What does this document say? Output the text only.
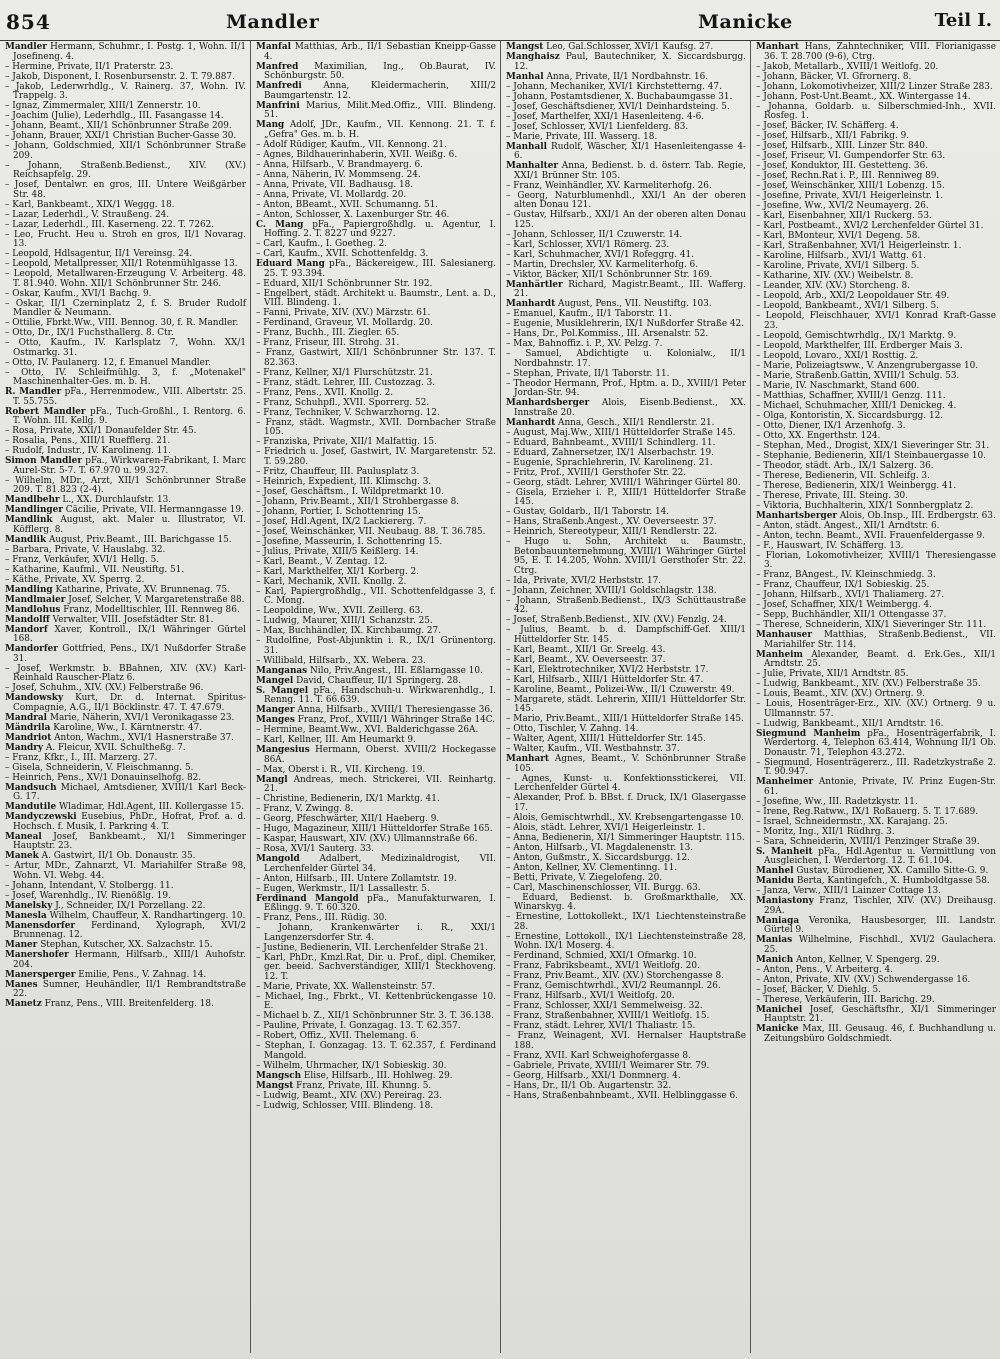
854	Mandler	Manicke	Teil I.
Mandler Hermann, Schuhmr., I. Postg. 1, Wohn. II/1 Josefineng. 4.
– Hermine, Private, II/1 Praterstr. 23.
– Jakob, Disponent, I. Rosenbursenstr. 2. T. 79.887.
– Jakob, Lederwrhdlg., V. Rainerg. 37, Wohn. IV. Trappelg. 3.
– Ignaz, Zimmermaler, XIII/1 Zennerstr. 10.
– Joachim (Julie), Lederhdlg., III. Fasangasse 14.
– Johann, Beamt., XII/1 Schönbrunner Straße 209.
– Johann, Brauer, XXI/1 Christian Bucher-Gasse 30.
– Johann, Goldschmied, XII/1 Schönbrunner Straße 209.
– Johann, Straßenb.Bedienst., XIV. (XV.) Reichsapfelg. 29.
– Josef, Dentalwr. en gros, III. Untere Weißgärber Str. 48.
– Karl, Bankbeamt., XIX/1 Weggg. 18.
– Lazar, Lederhdl., V. Straußeng. 24.
– Lazar, Lederhdl., III. Kaserneng. 22. T. 7262.
– Leo, Frucht. Heu u. Stroh en gros, II/1 Novarag. 13.
– Leopold, Hdlsagentur, II/1 Vereinsg. 24.
– Leopold, Metallpresser, XII/1 Rotenmühlgasse 13.
– Leopold, Metallwaren-Erzeugung V. Arbeiterg. 48. T. 81.940. Wohn. XII/1 Schönbrunner Str. 246.
– Oskar, Kaufm., XVI/1 Bachg. 9.
– Oskar, II/1 Czerninplatz 2, f. S. Bruder Rudolf Mandler & Neumann.
– Ottilie, Fbrkt.Ww., VIII. Bennog. 30, f. R. Mandler.
– Otto, Dr., IX/1 Fuchsthallerg. 8. Ctr.
– Otto, Kaufm., IV. Karlsplatz 7, Wohn. XX/1 Ostmarkg. 31.
– Otto, IV. Paulanerg. 12, f. Emanuel Mandler.
– Otto, IV. Schleifmühlg. 3, f. „Motenakel" Maschinenhalter-Ges. m. b. H.
R. Mandler pFa., Herrenmodew., VIII. Albertstr. 25. T. 55.755.
Robert Mandler pFa., Tuch-Großhl., I. Rentorg. 6. T. Wohn. III. Kellg. 9.
– Rosa, Private, XXI/1 Donaufelder Str. 45.
– Rosalia, Pens., XIII/1 Ruefflerg. 21.
– Rudolf, Industr., IV. Karolineng. 11.
Simon Mandler pFa., Wirkwaren-Fabrikant, I. Marc Aurel-Str. 5-7. T. 67.970 u. 99.327.
– Wilhelm, MDr., Arzt, XII/1 Schönbrunner Straße 209. T. 81.823 (2-4).
Mandlbehr L., XX. Durchlaufstr. 13.
Mandlinger Cäcilie, Private, VII. Hermanngasse 19.
Mandlink August, akt. Maler u. Illustrator, VI. Köfflerg. 8.
Mandlik August, Priv.Beamt., III. Barichgasse 15.
– Barbara, Private, V. Hauslabg. 32.
– Franz, Verkäufer, XVI/1 Hellg. 5.
– Katharine, Kaufml., VII. Neustiftg. 51.
– Käthe, Private, XV. Sperrg. 2.
Mandling Katharine, Private, XV. Brunnenag. 75.
Mandlmaier Josef, Selcher, V. Margaretenstraße 88.
Mandlohus Franz, Modelltischler, III. Rennweg 86.
Mandolff Verwalter, VIII. Josefstädter Str. 81.
Mandorf Xaver, Kontroll., IX/1 Währinger Gürtel 168.
Mandorfer Gottfried, Pens., IX/1 Nußdorfer Straße 31.
– Josef, Werkmstr. b. BBahnen, XIV. (XV.) Karl-Reinhald Rauscher-Platz 6.
– Josef, Schuhm., XIV. (XV.) Felberstraße 96.
Mandowsky Kurt, Dr. d. Internat. Spiritus-Compagnie, A.G., II/1 Böcklinstr. 47. T. 47.679.
Mandral Marie, Näherin, XVI/1 Veronikagasse 23.
Mändrila Karoline, Ww., I. Kärntnerstr. 47.
Mandriot Anton, Wachm., XVI/1 Hasnerstraße 37.
Mandry A. Fleicur, XVII. Schultheßg. 7.
– Franz, Kfkr., I., III. Marzerg. 27.
– Gisela, Schneiderin, V. Fleischmanng. 5.
– Heinrich, Pens., XV/1 Donauinselhofg. 82.
Mandsuch Michael, Amtsdiener, XVIII/1 Karl Beck-G. 17.
Mandutile Wladimar, Hdl.Agent, III. Kollergasse 15.
Mandyczewski Eusebius, PhDr., Hofrat, Prof. a. d. Hochsch. f. Musik, I. Parkring 4. T.
Maneal Josef, Bankbeamt., XI/1 Simmeringer Hauptstr. 23.
Manek A. Gastwirt, II/1 Ob. Donaustr. 35.
– Artur, MDr., Zahnarzt, VI. Mariahilfer Straße 98, Wohn. VI. Webg. 44.
– Johann, Intendant, V. Stolbergg. 11.
– Josef, Warenhdlg., IV. Rienößlg. 19.
Manelsky J., Schneider, IX/1 Porzellang. 22.
Manesla Wilhelm, Chauffeur, X. Randhartingerg. 10.
Manensdorfer Ferdinand, Xylograph, XVI/2 Brunnenag. 12.
Maner Stephan, Kutscher, XX. Salzachstr. 15.
Manershofer Hermann, Hilfsarb., XIII/1 Auhofstr. 204.
Manersperger Emilie, Pens., V. Zahnag. 14.
Manes Sumner, Heuhändler, II/1 Rembrandtstraße 22.
Manetz Franz, Pens., VIII. Breitenfelderg. 18.
Manfal Matthias, Arb., II/1 Sebastian Kneipp-Gasse 4.
Manfred Maximilian, Ing., Ob.Baurat, IV. Schönburgstr. 50.
Manfredi Anna, Kleidermacherin, XIII/2 Baumgartenstr. 12.
Manfrini Marius, Milit.Med.Offiz., VIII. Blindeng. 51.
Mang Adolf, JDr., Kaufm., VII. Kennong. 21. T. f. „Gefra" Ges. m. b. H.
– Adolf Rüdiger, Kaufm., VII. Kennong. 21.
– Agnes, Bildhauerinhaberin, XVII. Weißg. 6.
– Anna, Hilfsarb., V. Brandmayerg. 6.
– Anna, Näherin, IV. Mommseng. 24.
– Anna, Private, VII. Badhausg. 18.
– Anna, Private, VI. Mollardg. 20.
– Anton, BBeamt., XVII. Schumanng. 51.
– Anton, Schlosser, X. Laxenburger Str. 46.
C. Mang pFa., Papiergroßhdlg. u. Agentur, I. Hoffing. 2. T. 8227 und 9227.
– Carl, Kaufm., I. Goetheg. 2.
– Carl, Kaufm., XVII. Schottenfeldg. 3.
Eduard Mang pFa., Bäckereigew., III. Salesianerg. 25. T. 93.394.
– Eduard, XII/1 Schönbrunner Str. 192.
– Engelbert, städt. Architekt u. Baumstr., Lent. a. D., VIII. Blindeng. 1.
– Fanni, Private, XIV. (XV.) Märzstr. 61.
– Ferdinand, Graveur, VI. Mollardg. 20.
– Franz, Buchh., III. Ziegler. 65.
– Franz, Friseur, III. Strohg. 31.
– Franz, Gastwirt, XII/1 Schönbrunner Str. 137. T. 82.363.
– Franz, Kellner, XI/1 Flurschützstr. 21.
– Franz, städt. Lehrer, III. Custozzag. 3.
– Franz, Pens., XVII. Knollg. 2.
– Franz, Schuhpfl., XVII. Sporrerg. 52.
– Franz, Techniker, V. Schwarzhorng. 12.
– Franz, städt. Wagmstr., XVII. Dornbacher Straße 105.
– Franziska, Private, XII/1 Malfattig. 15.
– Friedrich u. Josef, Gastwirt, IV. Margaretenstr. 52. T. 59.280.
– Fritz, Chauffeur, III. Paulusplatz 3.
– Heinrich, Expedient, III. Klimschg. 3.
– Josef, Geschäftsm., I. Wildpretmarkt 10.
– Johann, Priv.Beamt., XII/1 Strohbergasse 8.
– Johann, Portier, I. Schottenring 15.
– Josef, Hdl.Agent, IX/2 Lackiererg. 7.
– Josef, Weinschänker, VII. Neubaug. 88. T. 36.785.
– Josefine, Masseurin, I. Schottenring 15.
– Julius, Private, XIII/5 Keißlerg. 14.
– Karl, Beamt., V. Zentag. 12.
– Karl, Markthelfer, XI/1 Korberg. 2.
– Karl, Mechanik, XVII. Knollg. 2.
– Karl, Papiergroßhdlg., VII. Schottenfeldgasse 3, f. C. Mong.
– Leopoldine, Ww., XVII. Zeillerg. 63.
– Ludwig, Maurer, XIII/1 Schanzstr. 25.
– Max, Buchhändler, IX. Kirchbaumg. 27.
– Rudolfine, Post-Abjunktin i. R., IX/1 Grünentorg. 31.
– Willibald, Hilfsarb., XX. Webera. 23.
Manganas Nilo, Priv.Angest., III. Eßlarngasse 10.
Mangel David, Chauffeur, II/1 Springerg. 28.
S. Mangel pFa., Handschuh-u. Wirkwarenhdlg., I. Renng. 11. T. 66.639.
Manger Anna, Hilfsarb., XVIII/1 Theresiengasse 36.
Manges Franz, Prof., XVIII/1 Währinger Straße 14C.
– Hermine, Beamt.Ww., XVI. Balderichgasse 26A.
– Karl, Kellner, III. Am Heumarkt 9.
Mangesius Hermann, Oberst. XVIII/2 Hockegasse 86A.
– Max, Oberst i. R., VII. Kircheng. 19.
Mangl Andreas, mech. Strickerei, VII. Reinhartg. 21.
– Christine, Bedienerin, IX/1 Marktg. 41.
– Franz, V. Zwingg. 8.
– Georg, Pfeschwärter, XII/1 Haeberg. 9.
– Hugo, Magazineur, XIII/1 Hütteldorfer Straße 165.
– Kaspar, Hauswart, XIV. (XV.) Ullmannstraße 66.
– Rosa, XVI/1 Sauterg. 33.
Mangold Adalbert, Medizinaldrogist, VII. Lerchenfelder Gürtel 34.
– Anton, Hilfsarb., III. Untere Zollamtstr. 19.
– Eugen, Werkmstr., II/1 Lassallestr. 5.
Ferdinand Mangold pFa., Manufakturwaren, I. Eßlingg. 9. T. 60.320.
– Franz, Pens., III. Rüdig. 30.
– Johann, Krankenwärter i. R., XXI/1 Langenzersdorfer Str. 4.
– Justine, Bedienerin, VII. Lerchenfelder Straße 21.
– Karl, PhDr., Kmzl.Rat, Dir. u. Prof., dipl. Chemiker, ger. beeid. Sachverständiger, XIII/1 Steckhoveng. 12. T.
– Marie, Private, XX. Wallensteinstr. 57.
– Michael, Ing., Fbrkt., VI. Kettenbrückengasse 10. E.
– Michael b. Z., XII/1 Schönbrunner Str. 3. T. 36.138.
– Pauline, Private, I. Gonzagag. 13. T. 62.357.
– Robert, Offiz., XVII. Thelemang. 6.
– Stephan, I. Gonzagag. 13. T. 62.357, f. Ferdinand Mangold.
– Wilhelm, Uhrmacher, IX/1 Sobieskig. 30.
Mangsch Elise, Hilfsarb., III. Hohlweg. 29.
Mangst Franz, Private, III. Khunng. 5.
– Ludwig, Beamt., XIV. (XV.) Pereirag. 23.
– Ludwig, Schlosser, VIII. Blindeng. 18.
Mangst Leo, Gal.Schlosser, XVI/1 Kaufsg. 27.
Manghaisz Paul, Bautechniker, X. Siccardsburgg. 12.
Manhal Anna, Private, II/1 Nordbahnstr. 16.
– Johann, Mechaniker, XVI/1 Kirchstetterng. 47.
– Johann, Postamtsdiener, X. Buchabaumgasse 31.
– Josef, Geschäftsdiener, XVI/1 Deinhardsteing. 5.
– Josef, Marthelfer, XXI/1 Hasenleiteng. 4-6.
– Josef, Schlosser, XVI/1 Lienfelderg. 83.
– Marie, Private, III. Wasserg. 18.
Manhall Rudolf, Wäscher, XI/1 Hasenleitengasse 4-6.
Manhalter Anna, Bedienst. b. d. österr. Tab. Regie, XXI/1 Brünner Str. 105.
– Franz, Weinhändler, XV. Karmeliterhofg. 26.
– Georg, Naturblumenhdl., XXI/1 An der oberen alten Donau 121.
– Gustav, Hilfsarb., XXI/1 An der oberen alten Donau 125.
– Johann, Schlosser, II/1 Czuwerstr. 14.
– Karl, Schlosser, XVI/1 Römerg. 23.
– Karl, Schuhmacher, XVI/1 Rofeggrg. 41.
– Martin, Drechsler, XV. Karmeliterhofg. 6.
– Viktor, Bäcker, XII/1 Schönbrunner Str. 169.
Manhärtler Richard, Magistr.Beamt., III. Wafferg. 21.
Manhardt August, Pens., VII. Neustiftg. 103.
– Emanuel, Kaufm., II/1 Taborstr. 11.
– Eugenie, Musiklehrerin, IX/1 Nußdorfer Straße 42.
– Hans, Dr., Pol.Kommiss., III. Arsenalstr. 52.
– Max, Bahnoffiz. i. P., XV. Pelzg. 7.
– Samuel, Abdichtigte u. Kolonialw., II/1 Nordbahnstr. 17.
– Stephan, Private, II/1 Taborstr. 11.
– Theodor Hermann, Prof., Hptm. a. D., XVIII/1 Peter Jordan-Str. 94.
Manhardsberger Alois, Eisenb.Bedienst., XX. Innstraße 20.
Manhardt Anna, Gesch., XII/1 Rendlerstr. 21.
– August, Maj.Ww., XIII/1 Hütteldorfer Straße 145.
– Eduard, Bahnbeamt., XVIII/1 Schindlerg. 11.
– Eduard, Zahnersetzer, IX/1 Alserbachstr. 19.
– Eugenie, Sprachlehrerin, IV. Karolineng. 21.
– Fritz, Prof., XVIII/1 Gersthofer Str. 22.
– Georg, städt. Lehrer, XVIII/1 Währinger Gürtel 80.
– Gisela, Erzieher i. P., XIII/1 Hütteldorfer Straße 145.
– Gustav, Goldarb., II/1 Taborstr. 14.
– Hans, Straßenb.Angest., XV. Oeverseestr. 37.
– Heinrich, Stereotypeur, XIII/1 Rendlerstr. 22.
– Hugo u. Sohn, Architekt u. Baumstr., Betonbauunternehmung, XVIII/1 Währinger Gürtel 95, E. T. 14.205, Wohn. XVIII/1 Gersthofer Str. 22. Ctrg.
– Ida, Private, XVI/2 Herbststr. 17.
– Johann, Zeichner, XVIII/1 Goldschlagstr. 138.
– Johann, Straßenb.Bedienst., IX/3 Schüttaustraße 42.
– Josef, Straßenb.Bedienst., XIV. (XV.) Fenzlg. 24.
– Julius, Beamt. b. d. Dampfschiff-Gef. XIII/1 Hütteldorfer Str. 145.
– Karl, Beamt., XII/1 Gr. Sreelg. 43.
– Karl, Beamt., XV. Oeverseestr. 37.
– Karl, Elektrotechniker, XVI/2 Herbststr. 17.
– Karl, Hilfsarb., XIII/1 Hütteldorfer Str. 47.
– Karoline, Beamt., Polizei-Ww., II/1 Czuwerstr. 49.
– Margarete, städt. Lehrerin, XIII/1 Hütteldorfer Str. 145.
– Mario, Priv.Beamt., XIII/1 Hütteldorfer Straße 145.
– Otto, Tischler, V. Zahng. 14.
– Walter, Agent, XIII/1 Hütteldorfer Str. 145.
– Walter, Kaufm., VII. Westbahnstr. 37.
Manhart Agnes, Beamt., V. Schönbrunner Straße 105.
– Agnes, Kunst- u. Konfektionsstickerei, VII. Lerchenfelder Gürtel 4.
– Alexander, Prof. b. BBst. f. Druck, IX/1 Glasergasse 17.
– Alois, Gemischtwrhdl., XV. Krebsengartengasse 10.
– Alois, städt. Lehrer, XVI/1 Heigerleinstr. 1.
– Anna, Bedienerin, XI/1 Simmeringer Hauptstr. 115.
– Anton, Hilfsarb., VI. Magdalenenstr. 13.
– Anton, Gußmstr., X. Siccardsburgg. 12.
– Anton, Kellner, XV. Clementinng. 11.
– Betti, Private, V. Ziegelofeng. 20.
– Carl, Maschinenschlosser, VII. Burgg. 63.
– Eduard, Bedienst. b. Großmarkthalle, XX. Winarskyg. 4.
– Ernestine, Lottokollekt., IX/1 Liechtensteinstraße 28.
– Ernestine, Lottokoll., IX/1 Liechtensteinstraße 28, Wohn. IX/1 Moserg. 4.
– Ferdinand, Schmied, XXI/1 Ofmarkg. 10.
– Franz, Fabriksbeamt., XVI/1 Weitlofg. 20.
– Franz, Priv.Beamt., XIV. (XV.) Storchengasse 8.
– Franz, Gemischtwrhdl., XVI/2 Reumannpl. 26.
– Franz, Hilfsarb., XVI/1 Weitlofg. 20.
– Franz, Schlosser, XXI/1 Semmelweisg. 32.
– Franz, Straßenbahner, XVIII/1 Weitlofg. 15.
– Franz, städt. Lehrer, XVI/1 Thaliastr. 15.
– Franz, Weinagent, XVI. Hernalser Hauptstraße 188.
– Franz, XVII. Karl Schweighofergasse 8.
– Gabriele, Private, XVIII/1 Weimarer Str. 79.
– Georg, Hilfsarb., XXI/1 Donmnerg. 4.
– Hans, Dr., II/1 Ob. Augartenstr. 32.
– Hans, Straßenbahnbeamt., XVII. Helblinggasse 6.
Manhart Hans, Zahntechniker, VIII. Florianigasse 36. T. 28.700 (9-6), Ctrg.
– Jakob, Metallarb., XVIII/1 Weitlofg. 20.
– Johann, Bäcker, VI. Gfrornerg. 8.
– Johann, Lokomotivheizer, XIII/2 Linzer Straße 283.
– Johann, Post-Unt.Beamt., XX. Wintergasse 14.
– Johanna, Goldarb. u. Silberschmied-Inh., XVII. Rosfeg. 1.
– Josef, Bäcker, IV. Schäfferg. 4.
– Josef, Hilfsarb., XII/1 Fabrikg. 9.
– Josef, Hilfsarb., XIII. Linzer Str. 840.
– Josef, Friseur, VI. Gumpendorfer Str. 63.
– Josef, Konduktor, III. Gestetteng. 36.
– Josef, Rechn.Rat i. P., III. Renniweg 89.
– Josef, Weinschänker, XIII/1 Lobenzg. 15.
– Josefine, Private, XVI/1 Heigerleinstr. 1.
– Josefine, Ww., XVI/2 Neumayerg. 26.
– Karl, Eisenbahner, XII/1 Ruckerg. 53.
– Karl, Postbeamt., XVI/2 Lerchenfelder Gürtel 31.
– Karl, BMonteur, XVI/1 Degeng. 58.
– Karl, Straßenbahner, XVI/1 Heigerleinstr. 1.
– Karoline, Hilfsarb., XVI/1 Wattg. 61.
– Karoline, Private, XVI/1 Silberg. 5.
– Katharine, XIV. (XV.) Weibelstr. 8.
– Leander, XIV. (XV.) Storcheng. 8.
– Leopold, Arb., XXI/2 Leopoldauer Str. 49.
– Leopold, Bankbeamt., XVI/1 Silberg. 5.
– Leopold, Fleischhauer, XVI/1 Konrad Kraft-Gasse 23.
– Leopold, Gemischtwrhdlg., IX/1 Marktg. 9.
– Leopold, Markthelfer, III. Erdberger Mais 3.
– Leopold, Lovaro., XXI/1 Rosttig. 2.
– Marie, Polizeiagtsww., V. Anzengrubergasse 10.
– Marie, Straßenb.Gattin, XVIII/1 Schulg. 53.
– Marie, IV. Naschmarkt, Stand 600.
– Matthias, Schaffner, XVIII/1 Genzg. 111.
– Michael, Schuhmacher, XIII/1 Denickeg. 4.
– Olga, Kontoristin, X. Siccardsburgg. 12.
– Otto, Diener, IX/1 Arzenhofg. 3.
– Otto, XX. Engerthstr. 124.
– Stephan, Med., Drogist, XIX/1 Sieveringer Str. 31.
– Stephanie, Bedienerin, XII/1 Steinbauergasse 10.
– Theodor, städt. Arb., IX/1 Salzerg. 36.
– Therese, Bedienerin, VII. Schleifg. 3.
– Therese, Bedienerin, XIX/1 Weinbergg. 41.
– Therese, Private, III. Steing. 30.
– Viktoria, Buchhalterin, XIX/1 Sonnbergplatz 2.
Manhartsberger Alois, Ob.Insp., III. Erdbergstr. 63.
– Anton, städt. Angest., XII/1 Arndtstr. 6.
– Anton, techn. Beamt., XVII. Frauenfeldergasse 9.
– F., Hauswart, IV. Schäfferg. 13.
– Florian, Lokomotivheizer, XVIII/1 Theresiengasse 3.
– Franz, BAngest., IV. Kleinschmiedg. 3.
– Franz, Chauffeur, IX/1 Sobieskig. 25.
– Johann, Hilfsarb., XVI/1 Thaliamerg. 27.
– Josef, Schaffner, XIX/1 Weimbergg. 4.
– Sepp, Buchhändler, XII/1 Ottengasse 37.
– Therese, Schneiderin, XIX/1 Sieveringer Str. 111.
Manhauser Matthias, Straßenb.Bedienst., VII. Mariahilfer Str. 114.
Manheim Alexander, Beamt. d. Erk.Ges., XII/1 Arndtstr. 25.
– Julie, Private, XII/1 Arndtstr. 85.
– Ludwig, Bankbeamt., XIV. (XV.) Felberstraße 35.
– Louis, Beamt., XIV. (XV.) Ortnerg. 9.
– Louis, Hosenträger-Erz., XIV. (XV.) Ortnerg. 9 u. Ullmannstr. 57.
– Ludwig, Bankbeamt., XII/1 Arndtstr. 16.
Siegmund Manheim pFa., Hosenträgerfabrik, I. Werdertorg. 4, Telephon 63.414, Wohnung II/1 Ob. Donaustr. 71, Telephon 43.272.
– Siegmund, Hosenträgererz., III. Radetzkystraße 2. T. 90.947.
Manheimer Antonie, Private, IV. Prinz Eugen-Str. 61.
– Josefine, Ww., III. Radetzkystr. 11.
– Irene, Reg.Ratww., IX/1 Roßauerg. 5. T. 17.689.
– Israel, Schneidermstr., XX. Karajang. 25.
– Moritz, Ing., XII/1 Rüdhrg. 3.
– Sara, Schneiderin, XVIII/1 Penzinger Straße 39.
S. Manheit pFa., Hdl.Agentur u. Vermittlung von Ausgleichen, I. Werdertorg. 12. T. 61.104.
Manhel Gustav, Bürodiener, XX. Camillo Sitte-G. 9.
Manidu Berta, Kantingefch., X. Humboldtgasse 58.
– Janza, Verw., XIII/1 Lainzer Cottage 13.
Maniastony Franz, Tischler, XIV. (XV.) Dreihausg. 29A.
Maniaga Veronika, Hausbesorger, III. Landstr. Gürtel 9.
Manias Wilhelmine, Fischhdl., XVI/2 Gaulachera. 25.
Manich Anton, Kellner, V. Spengerg. 29.
– Anton, Pens., V. Arbeiterg. 4.
– Anton, Private, XIV. (XV.) Schwendergasse 16.
– Josef, Bäcker, V. Diehlg. 5.
– Therese, Verkäuferin, III. Barichg. 29.
Manichel Josef, Geschäftsfhr., XI/1 Simmeringer Hauptstr. 21.
Manicke Max, III. Geusaug. 46, f. Buchhandlung u. Zeitungsbüro Goldschmiedt.
